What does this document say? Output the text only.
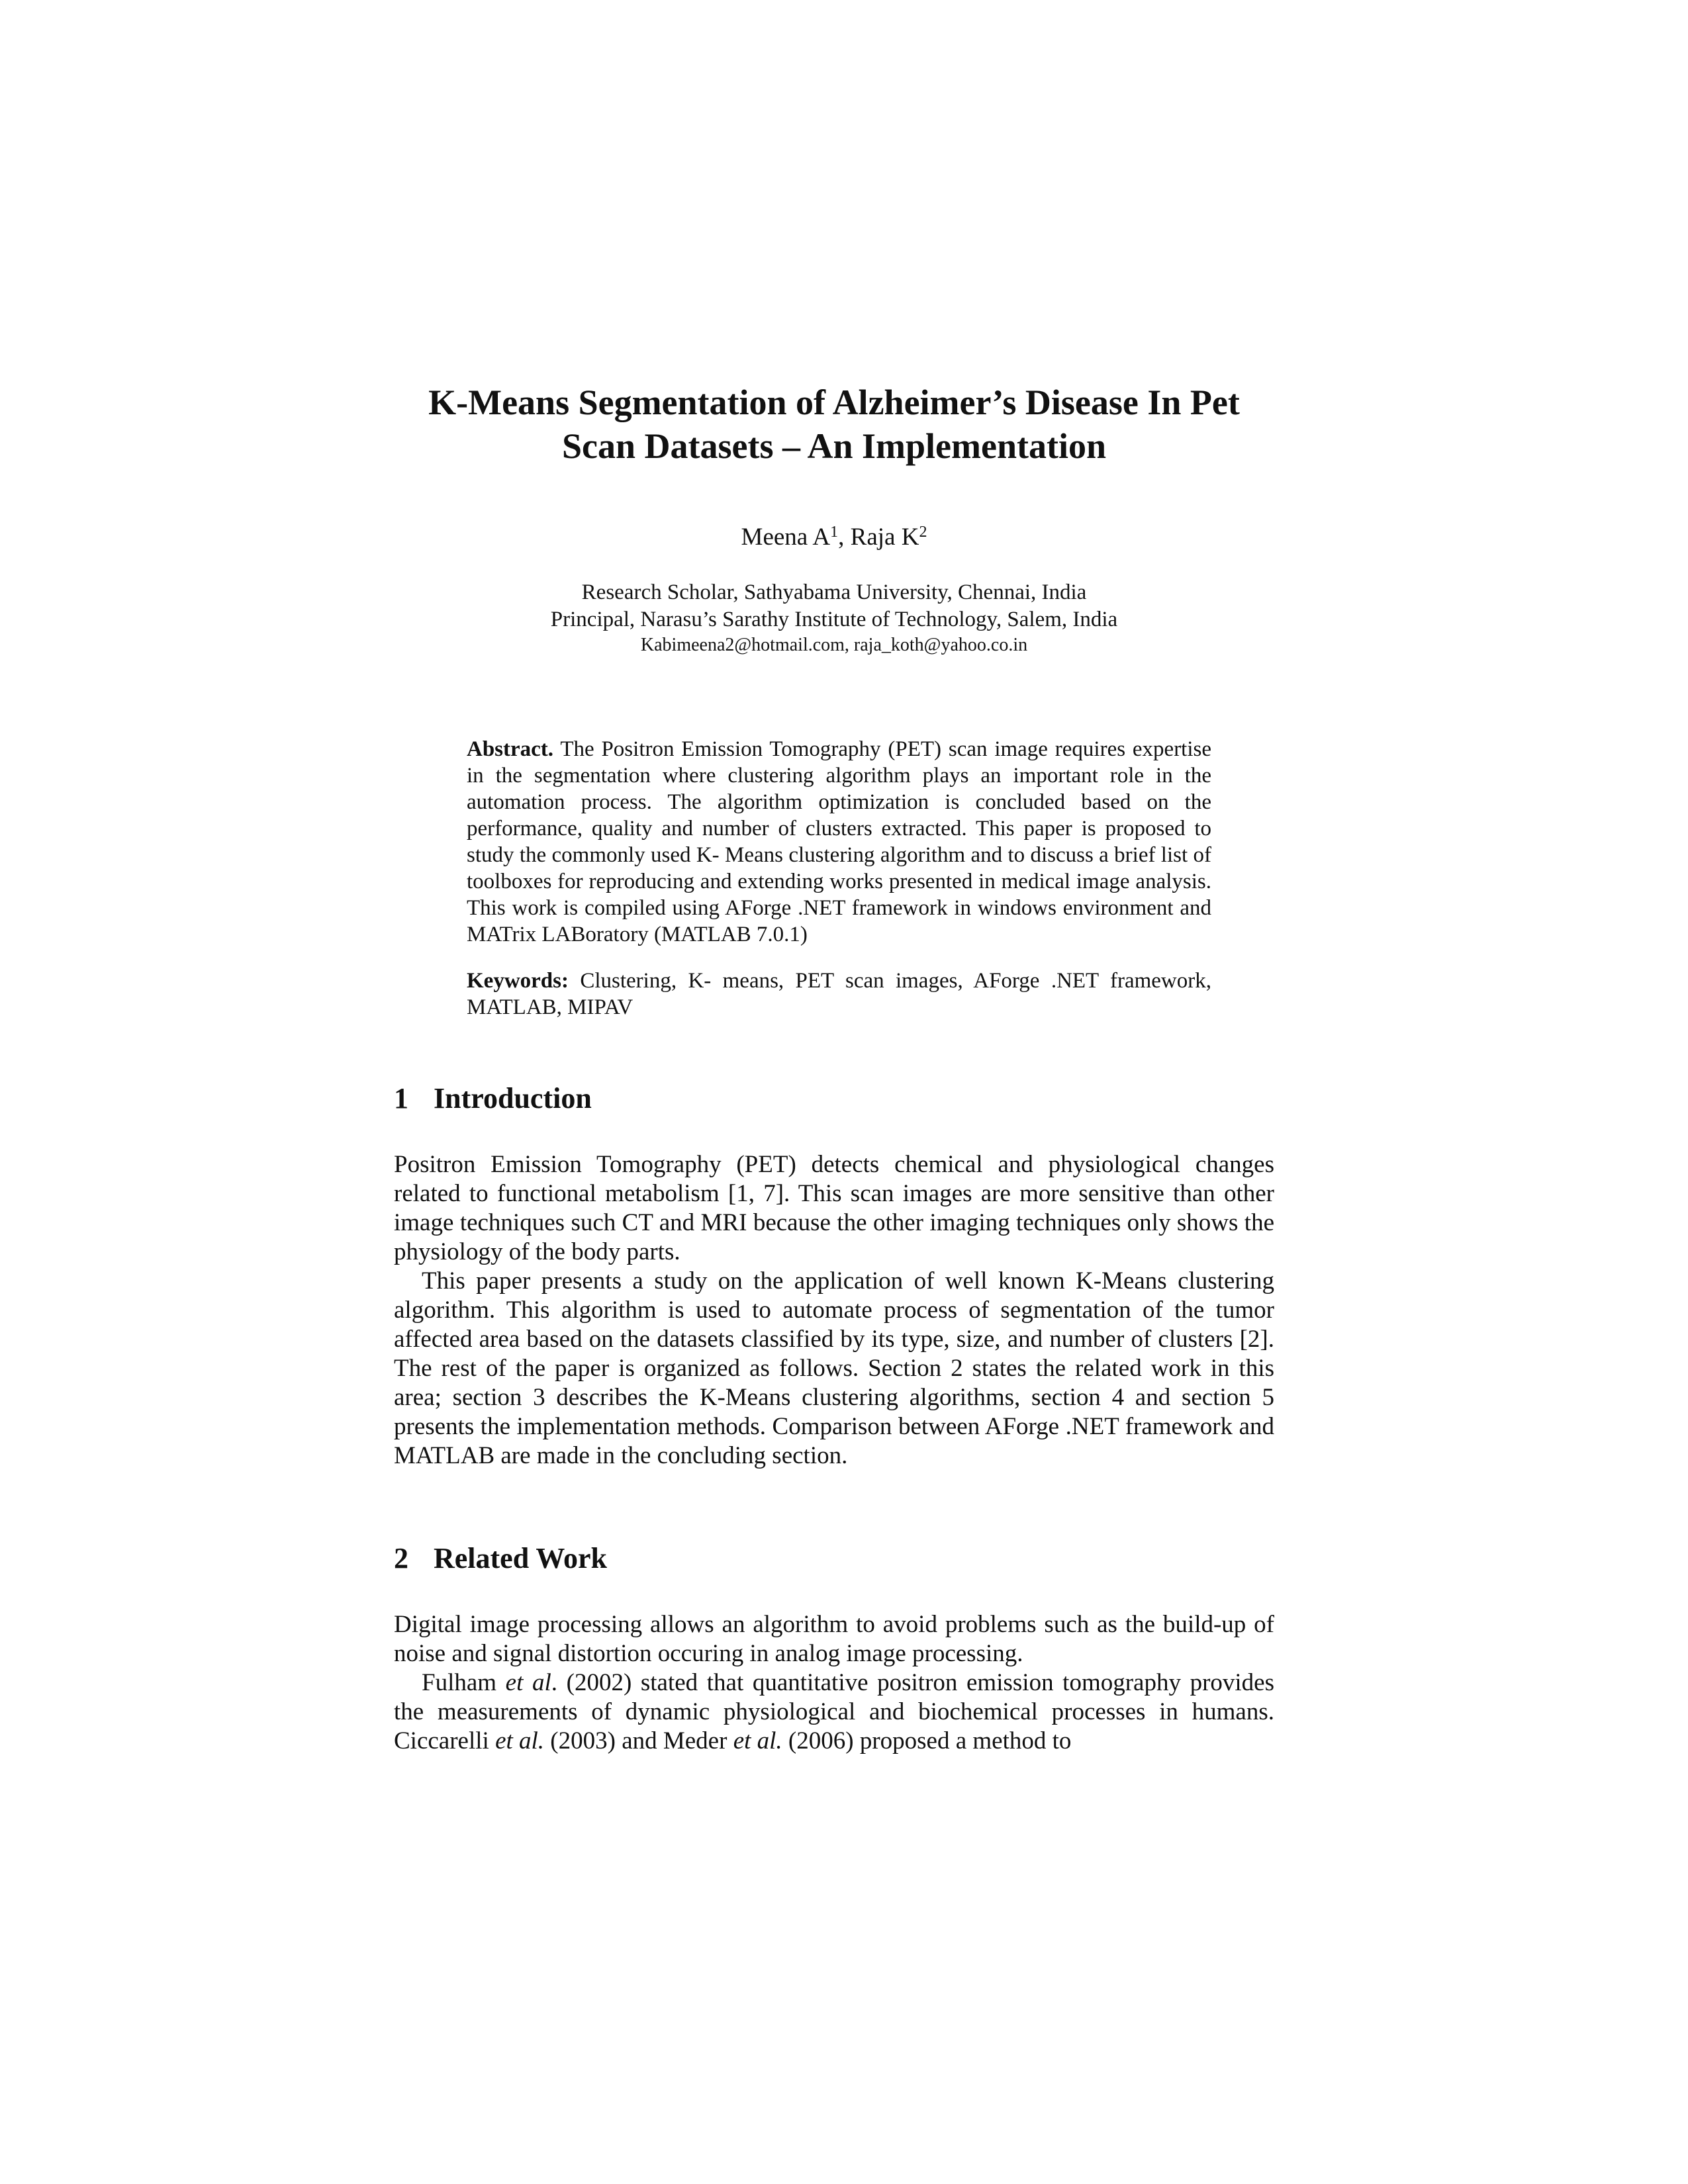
K-Means Segmentation of Alzheimer’s Disease In Pet
Scan Datasets – An Implementation

Meena $A^1$, Raja $K^2$

Research Scholar, Sathyabama University, Chennai, India
Principal, Narasu’s Sarathy Institute of Technology, Salem, India
Kabimeena2@hotmail.com, raja_koth@yahoo.co.in

Abstract. The Positron Emission Tomography (PET) scan image requires expertise in the segmentation where clustering algorithm plays an important role in the automation process. The algorithm optimization is concluded based on the performance, quality and number of clusters extracted. This paper is proposed to study the commonly used K- Means clustering algorithm and to discuss a brief list of toolboxes for reproducing and extending works presented in medical image analysis. This work is compiled using AForge .NET framework in windows environment and MATrix LABoratory (MATLAB 7.0.1)

Keywords: Clustering, K- means, PET scan images, AForge .NET framework, MATLAB, MIPAV

1 Introduction

Positron Emission Tomography (PET) detects chemical and physiological changes related to functional metabolism [1, 7]. This scan images are more sensitive than other image techniques such CT and MRI because the other imaging techniques only shows the physiology of the body parts.

This paper presents a study on the application of well known K-Means clustering algorithm. This algorithm is used to automate process of segmentation of the tumor affected area based on the datasets classified by its type, size, and number of clusters [2]. The rest of the paper is organized as follows. Section 2 states the related work in this area; section 3 describes the K-Means clustering algorithms, section 4 and section 5 presents the implementation methods. Comparison between AForge .NET framework and MATLAB are made in the concluding section.

2 Related Work

Digital image processing allows an algorithm to avoid problems such as the build-up of noise and signal distortion occuring in analog image processing.

Fulham et al. (2002) stated that quantitative positron emission tomography provides the measurements of dynamic physiological and biochemical processes in humans. Ciccarelli et al. (2003) and Meder et al. (2006) proposed a method to
